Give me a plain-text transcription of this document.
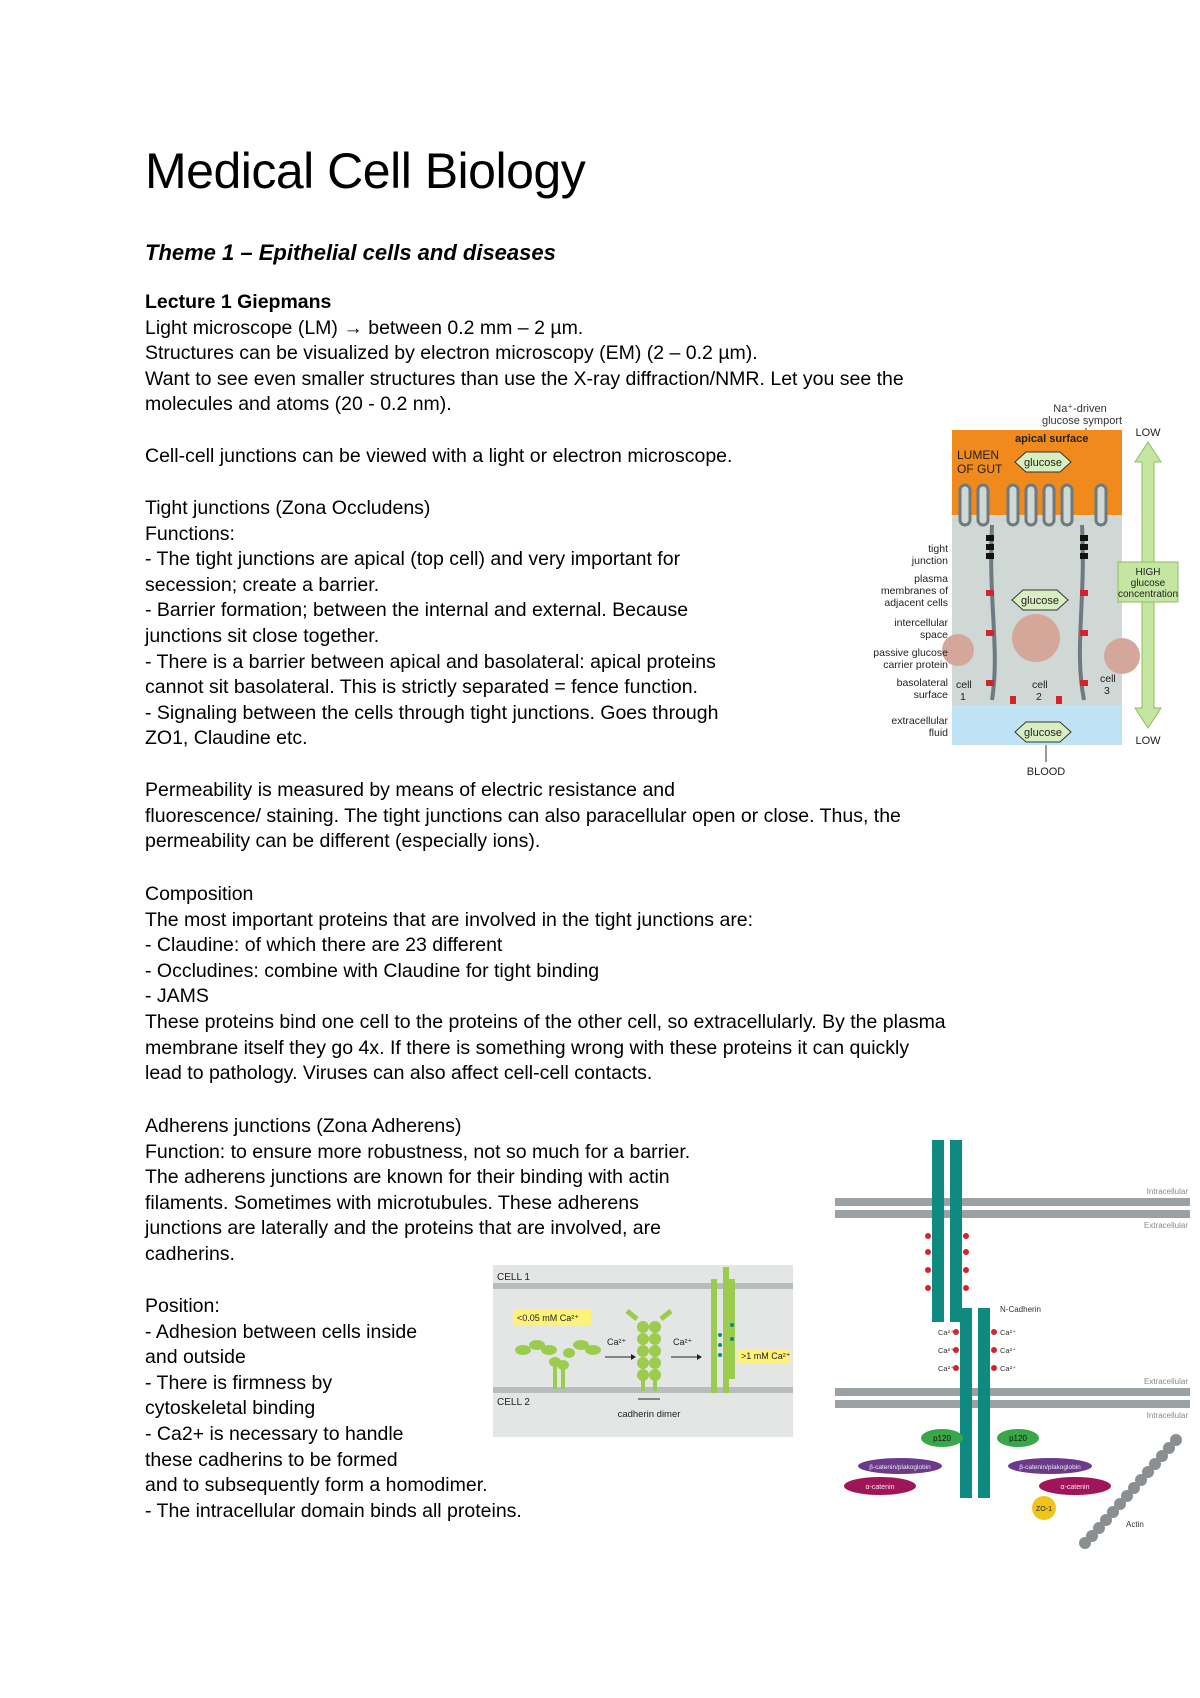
Medical Cell Biology
Theme 1 – Epithelial cells and diseases

Lecture 1 Giepmans

Light microscope (LM) → between 0.2 mm – 2 µm.

Structures can be visualized by electron microscopy (EM) (2 – 0.2 µm).

Want to see even smaller structures than use the X-ray diffraction/NMR. Let you see the

molecules and atoms (20 - 0.2 nm).

Cell-cell junctions can be viewed with a light or electron microscope.

Tight junctions (Zona Occludens)

Functions:

- The tight junctions are apical (top cell) and very important for

secession; create a barrier.

- Barrier formation; between the internal and external. Because

junctions sit close together.

- There is a barrier between apical and basolateral: apical proteins

cannot sit basolateral. This is strictly separated = fence function.

- Signaling between the cells through tight junctions. Goes through

ZO1, Claudine etc.

Permeability is measured by means of electric resistance and

fluorescence/ staining. The tight junctions can also paracellular open or close. Thus, the

permeability can be different (especially ions).

Composition

The most important proteins that are involved in the tight junctions are:

- Claudine: of which there are 23 different

- Occludines: combine with Claudine for tight binding

- JAMS

These proteins bind one cell to the proteins of the other cell, so extracellularly. By the plasma

membrane itself they go 4x. If there is something wrong with these proteins it can quickly

lead to pathology. Viruses can also affect cell-cell contacts.

Adherens junctions (Zona Adherens)

Function: to ensure more robustness, not so much for a barrier.

The adherens junctions are known for their binding with actin

filaments. Sometimes with microtubules. These adherens

junctions are laterally and the proteins that are involved, are

cadherins.

Position:

- Adhesion between cells inside

and outside

- There is firmness by

cytoskeletal binding

- Ca2+ is necessary to handle

these cadherins to be formed

and to subsequently form a homodimer.

- The intracellular domain binds all proteins.

Na⁺-driven
glucose symport
apical surface
LUMEN
OF GUT glucose
glucose
glucose
BLOOD
tight
junction
plasma
membranes of
adjacent cells
intercellular
space
passive glucose
carrier protein
basolateral
surface
extracellular
fluid
cell
1
cell
2
cell
3
LOW
LOW
HIGH
glucose
concentration
CELL 1
CELL 2
<0.05 mM Ca²⁺
Ca²⁺	Ca²⁺
>1 mM Ca²⁺
cadherin dimer
Intracellular
Extracellular
Extracellular
Intracellular
N-Cadherin
Ca²⁺
Ca²⁺
Ca²⁺
Ca²⁺
Ca²⁺
Ca²⁺
p120	p120
β-catenin/plakoglobin	β-catenin/plakoglobin
α-catenin	α-catenin
ZO-1
Actin
